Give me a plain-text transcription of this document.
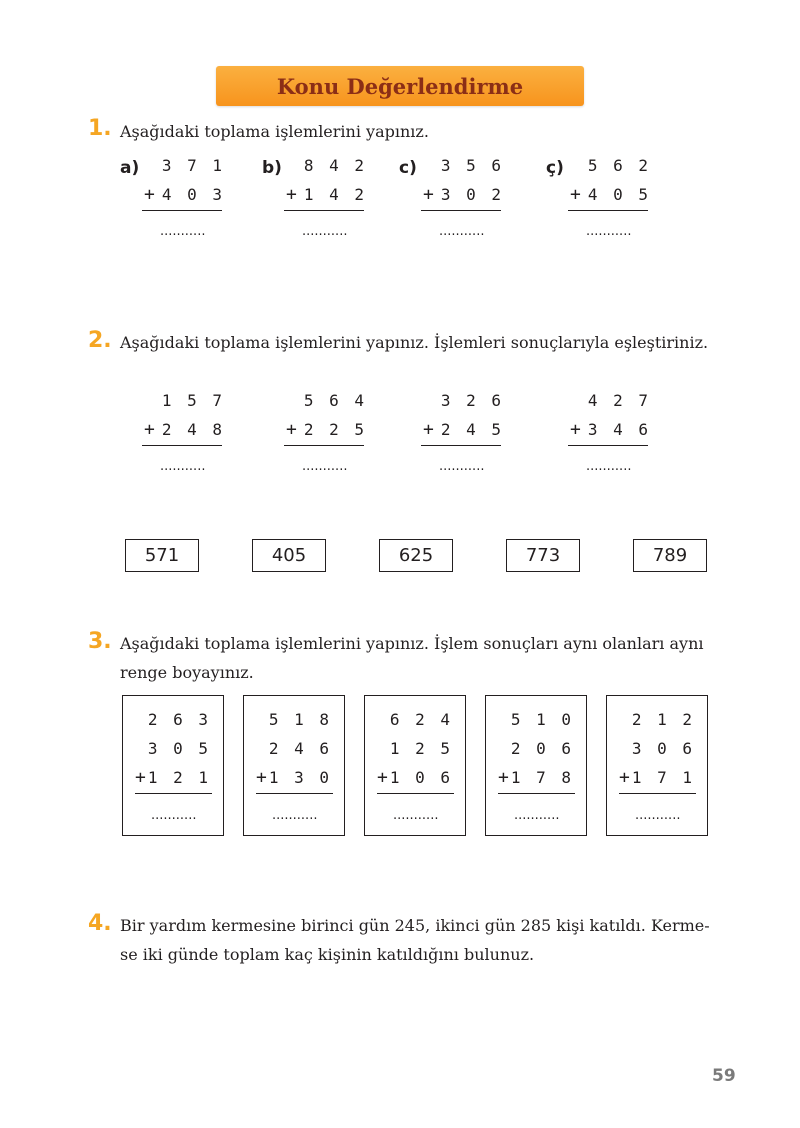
Konu Değerlendirme
1. Aşağıdaki toplama işlemlerini yapınız.
a) 3 7 1
+ 4 0 3
...........
b) 8 4 2
+ 1 4 2
...........
c) 3 5 6
+ 3 0 2
...........
ç) 5 6 2
+ 4 0 5
...........
2. Aşağıdaki toplama işlemlerini yapınız. İşlemleri sonuçlarıyla eşleştiriniz.
1 5 7
+ 2 4 8
...........
5 6 4
+ 2 2 5
...........
3 2 6
+ 2 4 5
...........
4 2 7
+ 3 4 6
...........
571	405	625	773	789
3. Aşağıdaki toplama işlemlerini yapınız. İşlem sonuçları aynı olanları aynı
renge boyayınız.
2 6 3
3 0 5
+ 1 2 1
...........
5 1 8
2 4 6
+ 1 3 0
...........
6 2 4
1 2 5
+ 1 0 6
...........
5 1 0
2 0 6
+ 1 7 8
...........
2 1 2
3 0 6
+ 1 7 1
...........
4. Bir yardım kermesine birinci gün 245, ikinci gün 285 kişi katıldı. Kerme-
se iki günde toplam kaç kişinin katıldığını bulunuz.
59
